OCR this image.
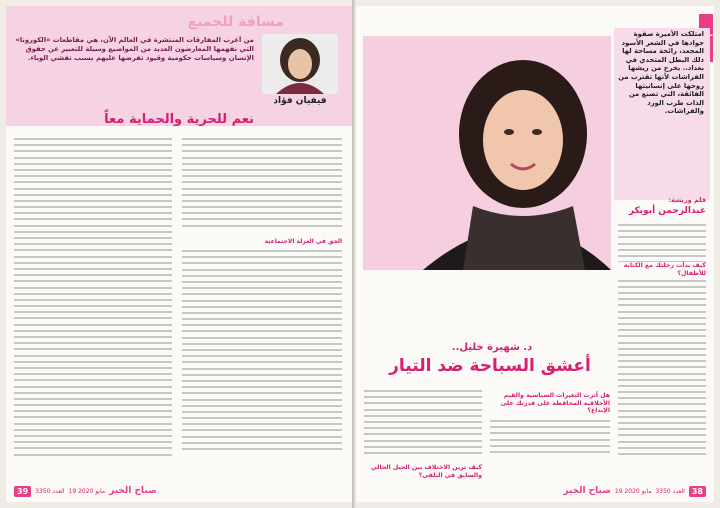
مسافة للجميع
من أغرب المفارقات المنتشرة في العالم الآن، هي مقاطعات «الكورونا» التي نفهمها المعارضون العديد من المواضيع وسيلة للتعبير عن حقوق الإنسان وسياسات حكومية وقيود تفرضها عليهم بسبب تفشي الوباء.
فيفيان فؤاد
نعم للحرية والحماية معاً
الحق في العزلة الاجتماعية
39	العدد 3350 19 مايو 2020 صباح الخير
د. شهيرة خليل..
أعشق السباحة ضد التيار
امتلكت الأميرة صفوة جوادها في الشعر الأسود المجعد، رائحة مساحة لها ذلك البطل المتحدي في بغداد.. يخرج من ريشها الفراشات لأنها تقترب من روحها على إنسانيتها الفائقة، التي تصنع من الذات طرب الورد والفراشات.
قلم وريشة:
عبدالرحمن أبوبكر
كيف بدأت رحلتك مع الكتابة للأطفال؟
هل أثرت التغيرات السياسية والقيم الأخلاقية المحافظة على قدرتك على الإبداع؟
كيف ترين الاختلاف بين الجيل الحالي والسابق في التلقي؟
صباح الخير 19 مايو 2020 العدد 3350 38
